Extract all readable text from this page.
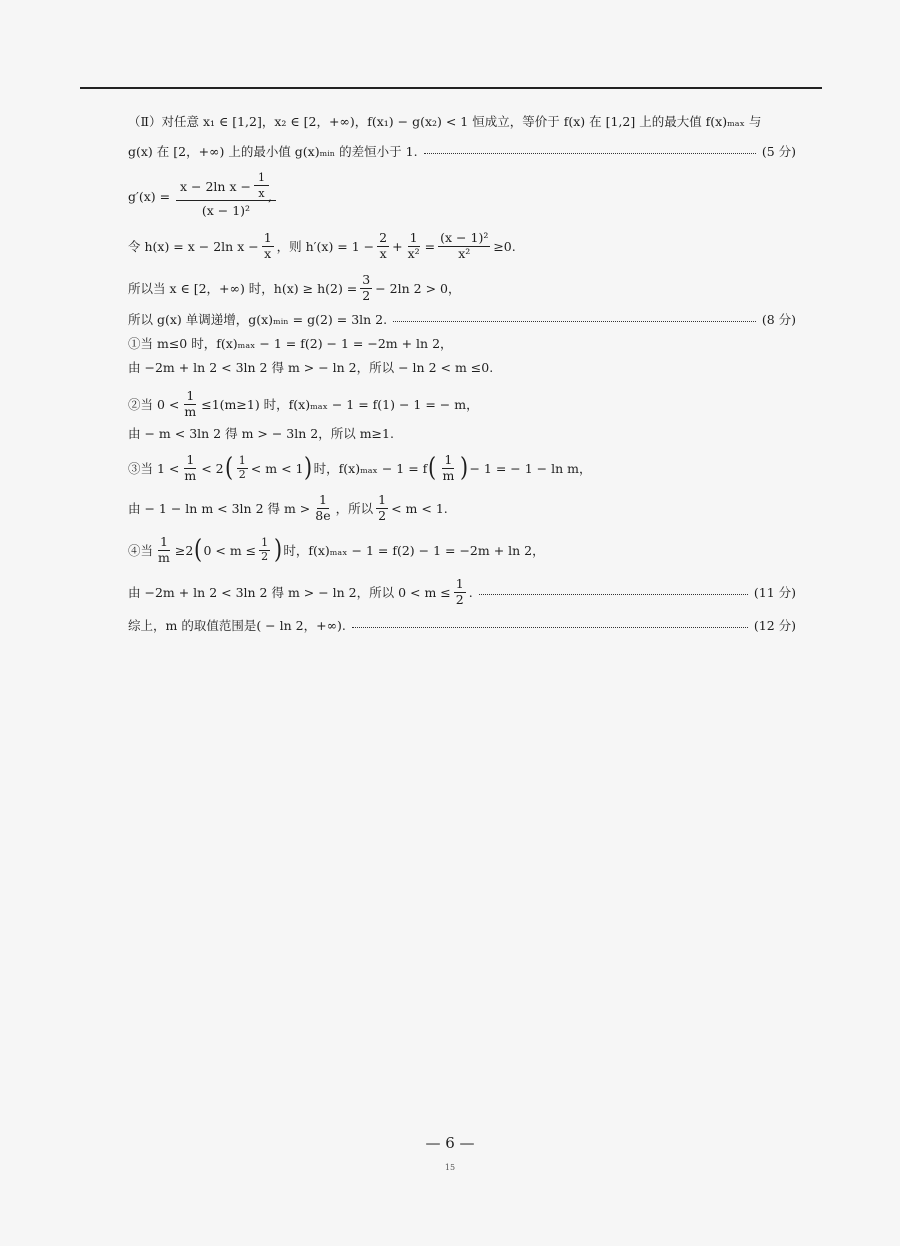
（Ⅱ）对任意 x₁ ∈ [1,2]，x₂ ∈ [2，+∞)，f(x₁) − g(x₂) < 1 恒成立，等价于 f(x) 在 [1,2] 上的最大值 f(x)ₘₐₓ 与
g(x) 在 [2，+∞) 上的最小值 g(x)ₘᵢₙ 的差恒小于 1.	(5 分)
$g'(x) = \frac{x - 2\ln x - \frac{1}{x}}{\text{(x − 1)²}}$
,
令 h(x) = x − 2ln $x - \frac{1}{x}$ ，则 $h'(x) = 1 - \frac{2}{x} + \frac{1}{\text{x²}} = \frac{\text{(x − 1)²}}{\text{x²}} \ge 0$.
所以当 x ∈ [2，+∞) 时，$h(x) \ge h(2) = \frac{3}{2} - 2\ln$ 2 > 0，
所以 g(x) 单调递增，g(x)ₘᵢₙ = g(2) = 3ln 2.	(8 分)
①当 m≤0 时，f(x)ₘₐₓ − 1 = f(2) − 1 = −2m + ln 2，
由 −2m + ln 2 < 3ln 2 得 m > − ln 2，所以 − ln 2 < m ≤0.
②当 $0 < \frac{1}{m} \le 1(m\ge 1)$ 时，f(x)ₘₐₓ − 1 = f(1) − 1 = − m，
由 − m < 3ln 2 得 m > − 3ln 2，所以 m≥1.
③当 $1 < \frac{1}{m} < 2$ ( $\frac{1}{2} < m < 1$ ) 时，f(x)ₘₐₓ − 1 = f ( $\frac{1}{m}$ ) − 1 = − 1 − ln m，
由 − 1 − ln m < 3ln 2 得 $m > \frac{1}{8e}$ ，所以 $\frac{1}{2} < m < 1$.
④当 $\frac{1}{m} \ge 2$ ( $0 < m \le \frac{1}{2}$ ) 时，f(x)ₘₐₓ − 1 = f(2) − 1 = −2m + ln 2，
由 −2m + ln 2 < 3ln 2 得 m > − ln 2，所以 $0 < m \le \frac{1}{2}$ .	(11 分)
综上，m 的取值范围是( − ln 2，+∞).	(12 分)
— 6 —
15
